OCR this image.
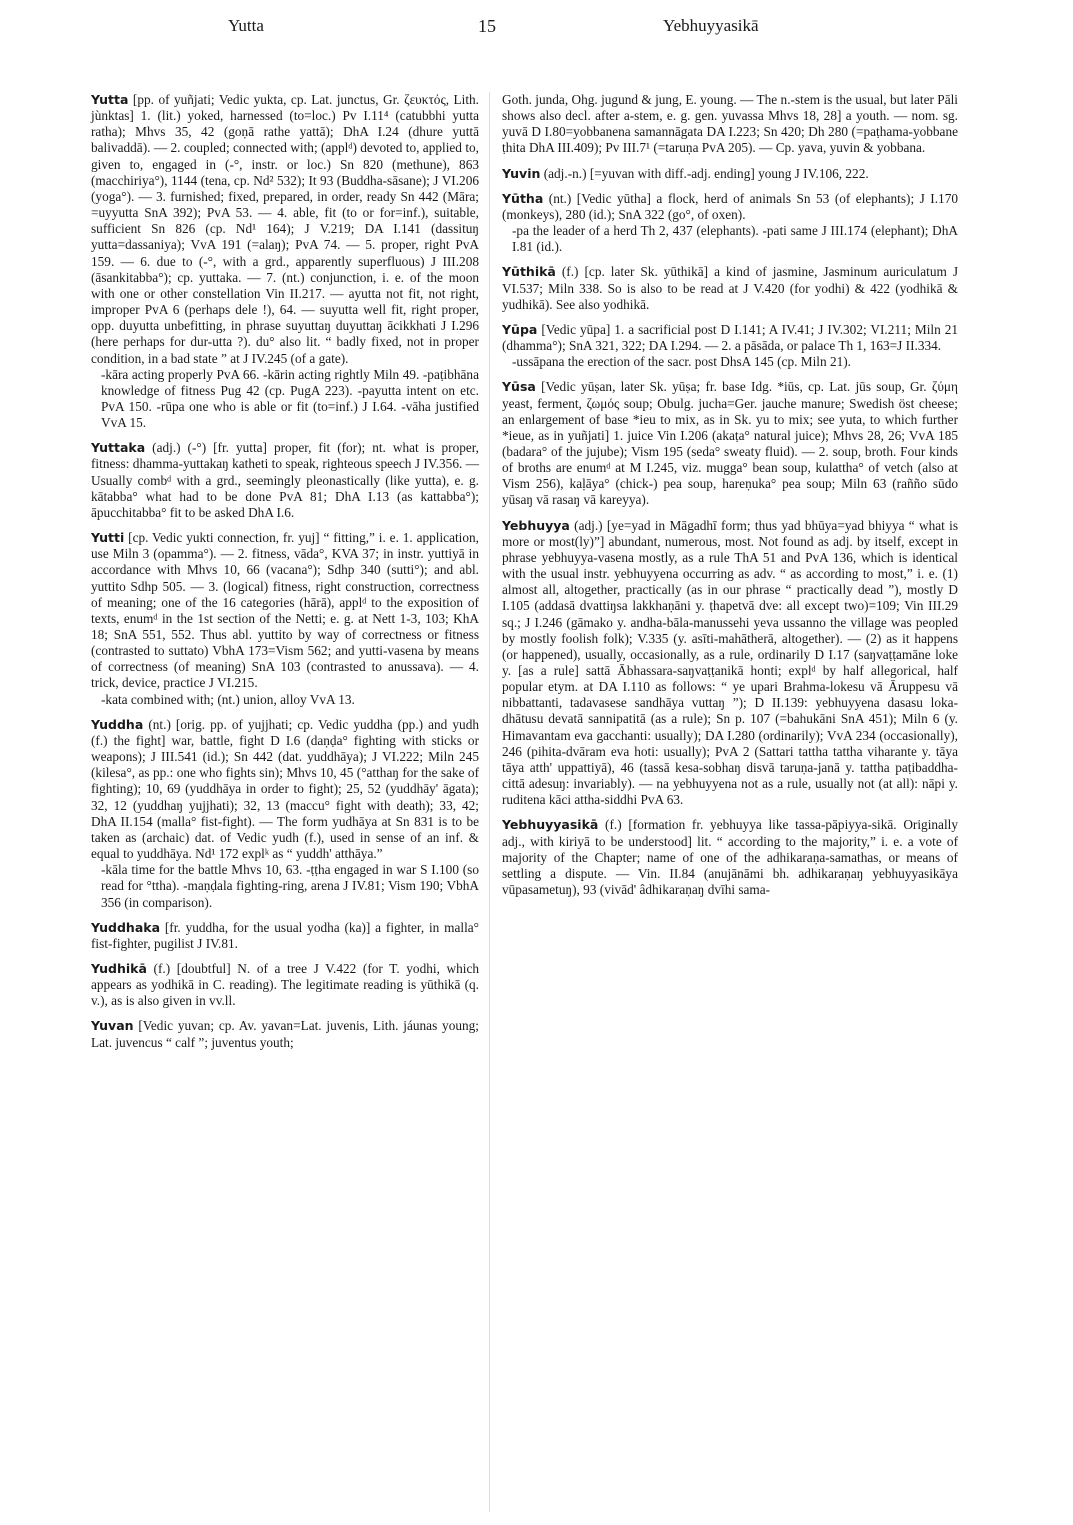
Yutta	15	Yebhuyyasikā
Yutta [pp. of yuñjati; Vedic yukta, cp. Lat. junctus, Gr. ζευκτός, Lith. jùnktas] 1. (lit.) yoked, harnessed (to=loc.) Pv I.11⁴ (catubbhi yutta ratha); Mhvs 35, 42 (goṇā rathe yattā); DhA I.24 (dhure yuttā balivaddā). — 2. coupled; connected with; (applᵈ) devoted to, applied to, given to, engaged in (-°, instr. or loc.) Sn 820 (methune), 863 (macchiriya°), 1144 (tena, cp. Nd² 532); It 93 (Buddha-sāsane); J VI.206 (yoga°). — 3. furnished; fixed, prepared, in order, ready Sn 442 (Māra; =uyyutta SnA 392); PvA 53. — 4. able, fit (to or for=inf.), suitable, sufficient Sn 826 (cp. Nd¹ 164); J V.219; DA I.141 (dassituŋ yutta=dassaniya); VvA 191 (=alaŋ); PvA 74. — 5. proper, right PvA 159. — 6. due to (-°, with a grd., apparently superfluous) J III.208 (āsankitabba°); cp. yuttaka. — 7. (nt.) conjunction, i. e. of the moon with one or other constellation Vin II.217. — ayutta not fit, not right, improper PvA 6 (perhaps dele !), 64. — suyutta well fit, right proper, opp. duyutta unbefitting, in phrase suyuttaŋ duyuttaŋ ācikkhati J I.296 (here perhaps for dur-utta ?). du° also lit. “ badly fixed, not in proper condition, in a bad state ” at J IV.245 (of a gate).
-kāra acting properly PvA 66. -kārin acting rightly Miln 49. -paṭibhāna knowledge of fitness Pug 42 (cp. PugA 223). -payutta intent on etc. PvA 150. -rūpa one who is able or fit (to=inf.) J I.64. -vāha justified VvA 15.
Yuttaka (adj.) (-°) [fr. yutta] proper, fit (for); nt. what is proper, fitness: dhamma-yuttakaŋ katheti to speak, righteous speech J IV.356. — Usually combᵈ with a grd., seemingly pleonastically (like yutta), e. g. kātabba° what had to be done PvA 81; DhA I.13 (as kattabba°); āpucchitabba° fit to be asked DhA I.6.
Yutti [cp. Vedic yukti connection, fr. yuj] “ fitting,” i. e. 1. application, use Miln 3 (opamma°). — 2. fitness, vāda°, KVA 37; in instr. yuttiyā in accordance with Mhvs 10, 66 (vacana°); Sdhp 340 (sutti°); and abl. yuttito Sdhp 505. — 3. (logical) fitness, right construction, correctness of meaning; one of the 16 categories (hārā), applᵈ to the exposition of texts, enumᵈ in the 1st section of the Netti; e. g. at Nett 1-3, 103; KhA 18; SnA 551, 552. Thus abl. yuttito by way of correctness or fitness (contrasted to suttato) VbhA 173=Vism 562; and yutti-vasena by means of correctness (of meaning) SnA 103 (contrasted to anussava). — 4. trick, device, practice J VI.215.
-kata combined with; (nt.) union, alloy VvA 13.
Yuddha (nt.) [orig. pp. of yujjhati; cp. Vedic yuddha (pp.) and yudh (f.) the fight] war, battle, fight D I.6 (daṇḍa° fighting with sticks or weapons); J III.541 (id.); Sn 442 (dat. yuddhāya); J VI.222; Miln 245 (kilesa°, as pp.: one who fights sin); Mhvs 10, 45 (°atthaŋ for the sake of fighting); 10, 69 (yuddhāya in order to fight); 25, 52 (yuddhāy' āgata); 32, 12 (yuddhaŋ yujjhati); 32, 13 (maccu° fight with death); 33, 42; DhA II.154 (malla° fist-fight). — The form yudhāya at Sn 831 is to be taken as (archaic) dat. of Vedic yudh (f.), used in sense of an inf. & equal to yuddhāya. Nd¹ 172 explᵏ as “ yuddh' atthāya.”
-kāla time for the battle Mhvs 10, 63. -ṭṭha engaged in war S I.100 (so read for °ttha). -maṇḍala fighting-ring, arena J IV.81; Vism 190; VbhA 356 (in comparison).
Yuddhaka [fr. yuddha, for the usual yodha (ka)] a fighter, in malla° fist-fighter, pugilist J IV.81.
Yudhikā (f.) [doubtful] N. of a tree J V.422 (for T. yodhi, which appears as yodhikā in C. reading). The legitimate reading is yūthikā (q. v.), as is also given in vv.ll.
Yuvan [Vedic yuvan; cp. Av. yavan=Lat. juvenis, Lith. jáunas young; Lat. juvencus “ calf ”; juventus youth;
Goth. junda, Ohg. jugund & jung, E. young. — The n.-stem is the usual, but later Pāli shows also decl. after a-stem, e. g. gen. yuvassa Mhvs 18, 28] a youth. — nom. sg. yuvā D I.80=yobbanena samannāgata DA I.223; Sn 420; Dh 280 (=paṭhama-yobbane ṭhita DhA III.409); Pv III.7¹ (=taruṇa PvA 205). — Cp. yava, yuvin & yobbana.
Yuvin (adj.-n.) [=yuvan with diff.-adj. ending] young J IV.106, 222.
Yūtha (nt.) [Vedic yūtha] a flock, herd of animals Sn 53 (of elephants); J I.170 (monkeys), 280 (id.); SnA 322 (go°, of oxen).
-pa the leader of a herd Th 2, 437 (elephants). -pati same J III.174 (elephant); DhA I.81 (id.).
Yūthikā (f.) [cp. later Sk. yūthikā] a kind of jasmine, Jasminum auriculatum J VI.537; Miln 338. So is also to be read at J V.420 (for yodhi) & 422 (yodhikā & yudhikā). See also yodhikā.
Yūpa [Vedic yūpa] 1. a sacrificial post D I.141; A IV.41; J IV.302; VI.211; Miln 21 (dhamma°); SnA 321, 322; DA I.294. — 2. a pāsāda, or palace Th 1, 163=J II.334.
-ussāpana the erection of the sacr. post DhsA 145 (cp. Miln 21).
Yūsa [Vedic yūṣan, later Sk. yūṣa; fr. base Idg. *iūs, cp. Lat. jūs soup, Gr. ζύμη yeast, ferment, ζωμός soup; Obulg. jucha=Ger. jauche manure; Swedish öst cheese; an enlargement of base *ieu to mix, as in Sk. yu to mix; see yuta, to which further *ieue, as in yuñjati] 1. juice Vin I.206 (akaṭa° natural juice); Mhvs 28, 26; VvA 185 (badara° of the jujube); Vism 195 (seda° sweaty fluid). — 2. soup, broth. Four kinds of broths are enumᵈ at M I.245, viz. mugga° bean soup, kulattha° of vetch (also at Vism 256), kaḷāya° (chick-) pea soup, hareṇuka° pea soup; Miln 63 (rañño sūdo yūsaŋ vā rasaŋ vā kareyya).
Yebhuyya (adj.) [ye=yad in Māgadhī form; thus yad bhūya=yad bhiyya “ what is more or most(ly)”] abundant, numerous, most. Not found as adj. by itself, except in phrase yebhuyya-vasena mostly, as a rule ThA 51 and PvA 136, which is identical with the usual instr. yebhuyyena occurring as adv. “ as according to most,” i. e. (1) almost all, altogether, practically (as in our phrase “ practically dead ”), mostly D I.105 (addasā dvattiŋsa lakkhaṇāni y. ṭhapetvā dve: all except two)=109; Vin III.29 sq.; J I.246 (gāmako y. andha-bāla-manussehi yeva ussanno the village was peopled by mostly foolish folk); V.335 (y. asīti-mahātherā, altogether). — (2) as it happens (or happened), usually, occasionally, as a rule, ordinarily D I.17 (saŋvaṭṭamāne loke y. [as a rule] sattā Ābhassara-saŋvaṭṭanikā honti; explᵈ by half allegorical, half popular etym. at DA I.110 as follows: “ ye upari Brahma-lokesu vā Āruppesu vā nibbattanti, tadavasese sandhāya vuttaŋ ”); D II.139: yebhuyyena dasasu loka-dhātusu devatā sannipatitā (as a rule); Sn p. 107 (=bahukāni SnA 451); Miln 6 (y. Himavantam eva gacchanti: usually); DA I.280 (ordinarily); VvA 234 (occasionally), 246 (pihita-dvāram eva hoti: usually); PvA 2 (Sattari tattha tattha viharante y. tāya tāya atth' uppattiyā), 46 (tassā kesa-sobhaŋ disvā taruṇa-janā y. tattha paṭibaddha-cittā adesuŋ: invariably). — na yebhuyyena not as a rule, usually not (at all): nāpi y. ruditena kāci attha-siddhi PvA 63.
Yebhuyyasikā (f.) [formation fr. yebhuyya like tassa-pāpiyya-sikā. Originally adj., with kiriyā to be understood] lit. “ according to the majority,” i. e. a vote of majority of the Chapter; name of one of the adhikaraṇa-samathas, or means of settling a dispute. — Vin. II.84 (anujānāmi bh. adhikaraṇaŋ yebhuyyasikāya vūpasametuŋ), 93 (vivād' âdhikaraṇaŋ dvīhi sama-
